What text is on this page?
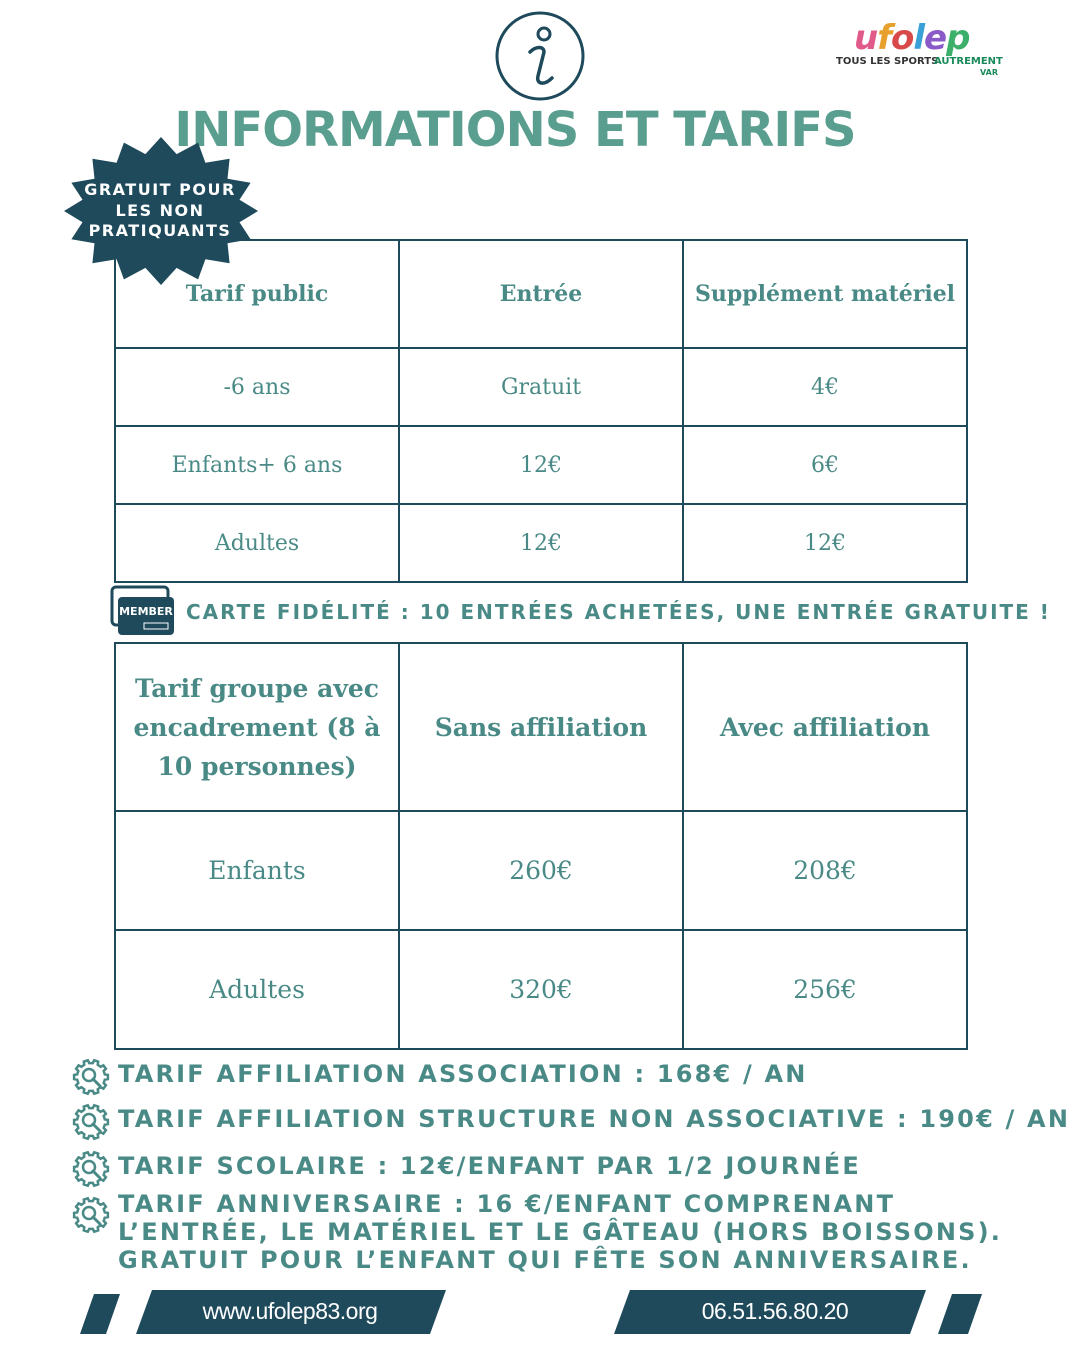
ufolep
TOUS LES SPORTS
AUTREMENT
VAR
INFORMATIONS ET TARIFS
GRATUIT POUR
LES NON
PRATIQUANTS
Tarif public	Entrée	Supplément matériel
-6 ans	Gratuit	4€
Enfants+ 6 ans	12€	6€
Adultes	12€	12€
MEMBER CARTE FIDÉLITÉ : 10 ENTRÉES ACHETÉES, UNE ENTRÉE GRATUITE !
Tarif groupe avec encadrement (8 à 10 personnes)	Sans affiliation	Avec affiliation
Enfants	260€	208€
Adultes	320€	256€
TARIF AFFILIATION ASSOCIATION : 168€ / AN
TARIF AFFILIATION STRUCTURE NON ASSOCIATIVE : 190€ / AN
TARIF SCOLAIRE : 12€/ENFANT PAR 1/2 JOURNÉE
TARIF ANNIVERSAIRE : 16 €/ENFANT COMPRENANT L’ENTRÉE, LE MATÉRIEL ET LE GÂTEAU (HORS BOISSONS). GRATUIT POUR L’ENFANT QUI FÊTE SON ANNIVERSAIRE.
www.ufolep83.org	06.51.56.80.20
